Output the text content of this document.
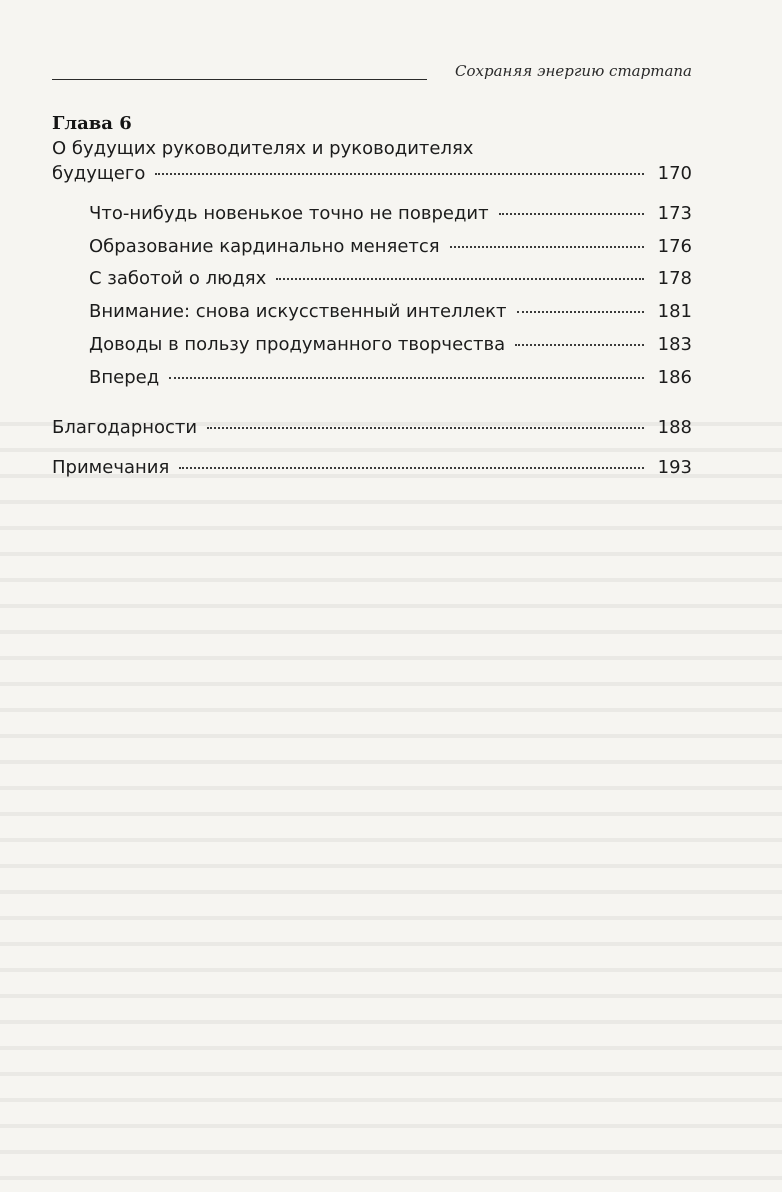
Сохраняя энергию стартапа
Глава 6
О будущих руководителях и руководителях
будущего	170
Что-нибудь новенькое точно не повредит	173
Образование кардинально меняется	176
С заботой о людях	178
Внимание: снова искусственный интеллект	181
Доводы в пользу продуманного творчества	183
Вперед	186
Благодарности	188
Примечания	193
